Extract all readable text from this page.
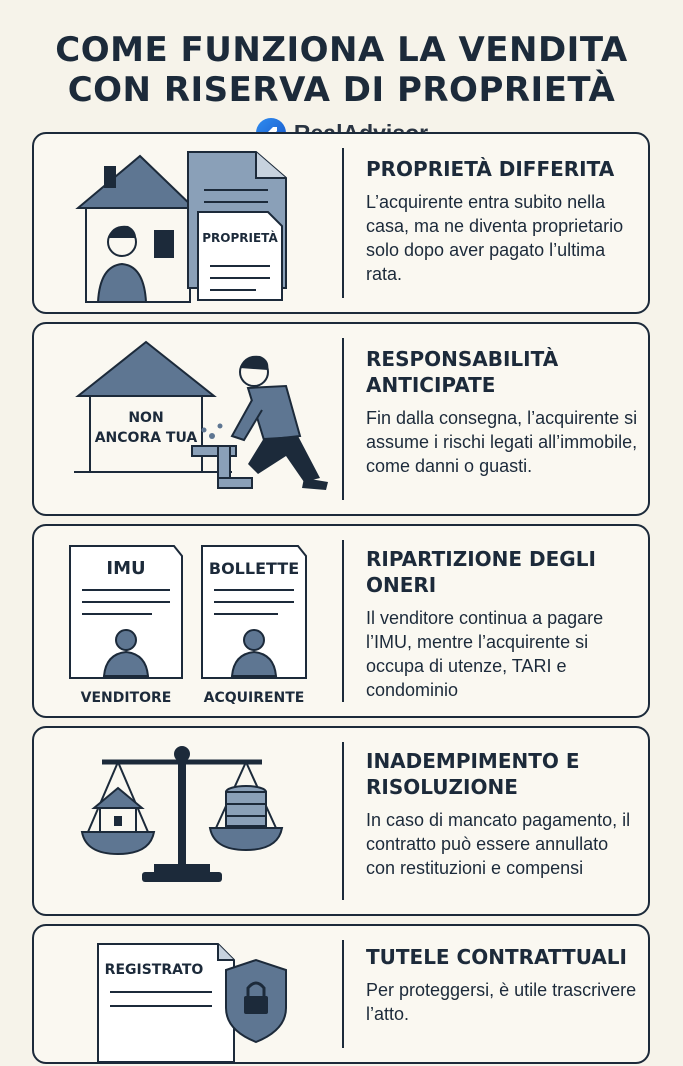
COME FUNZIONA LA VENDITA
CON RISERVA DI PROPRIETÀ
PROPRIETÀ
PROPRIETÀ DIFFERITA
L’acquirente entra subito nella casa, ma ne diventa proprietario solo dopo aver pagato l’ultima rata.
NON
ANCORA TUA
RESPONSABILITÀ ANTICIPATE
Fin dalla consegna, l’acquirente si assume i rischi legati all’immobile, come danni o guasti.
IMU
VENDITORE
BOLLETTE
ACQUIRENTE
RIPARTIZIONE DEGLI ONERI
Il venditore continua a pagare l’IMU, mentre l’acquirente si occupa di utenze, TARI e condominio
INADEMPIMENTO E RISOLUZIONE
In caso di mancato pagamento, il contratto può essere annullato con restituzioni e compensi
REGISTRATO
TUTELE CONTRATTUALI
Per proteggersi, è utile trascrivere l’atto.
